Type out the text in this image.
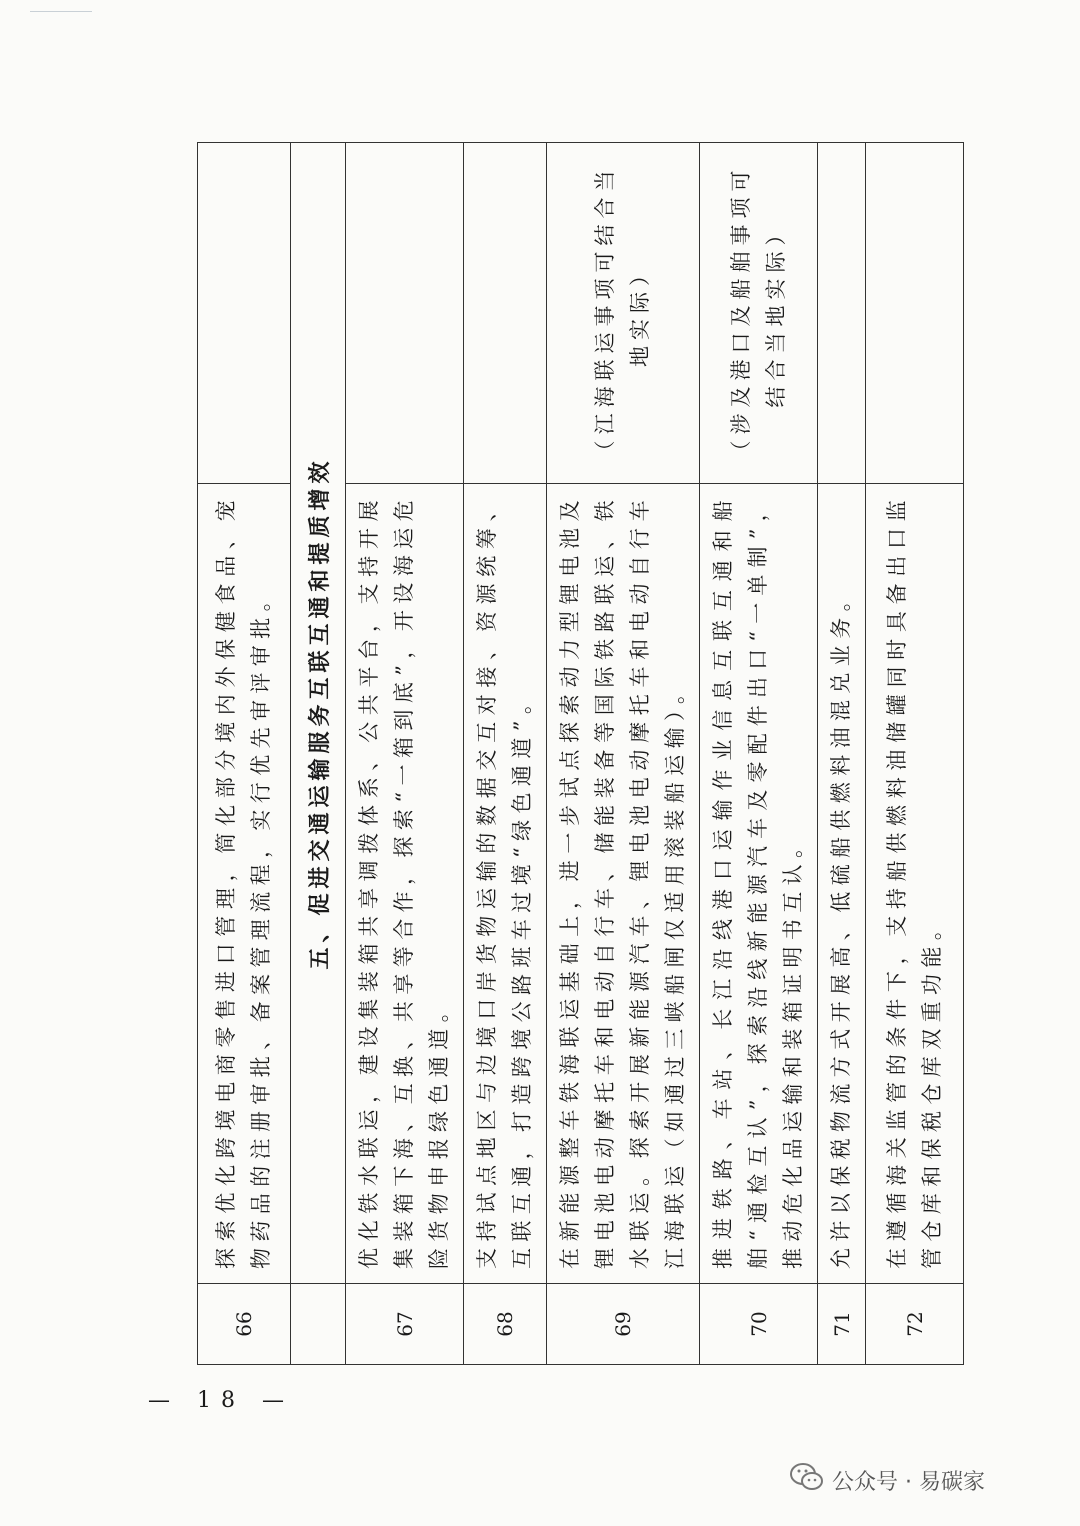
66	探索优化跨境电商零售进口管理，简化部分境内外保健食品、宠物药品的注册审批、备案管理流程，实行优先审评审批。	
	五、促进交通运输服务互联互通和提质增效	
67	优化铁水联运，建设集装箱共享调拨体系、公共平台，支持开展集装箱下海、互换、共享等合作，探索“一箱到底”，开设海运危险货物申报绿色通道。	
68	支持试点地区与边境口岸货物运输的数据交互对接、资源统筹、互联互通，打造跨境公路班车过境“绿色通道”。	
69	在新能源整车铁海联运基础上，进一步试点探索动力型锂电池及锂电池电动摩托车和电动自行车、储能装备等国际铁路联运、铁水联运。探索开展新能源汽车、锂电池电动摩托车和电动自行车江海联运（如通过三峡船闸仅适用滚装船运输）。	（江海联运事项可结合当地实际）
70	推进铁路、车站、长江沿线港口运输作业信息互联互通和船舶“通检互认”，探索沿线新能源汽车及零配件出口“一单制”，推动危化品运输和装箱证明书互认。	（涉及港口及船舶事项可结合当地实际）
71	允许以保税物流方式开展高、低硫船供燃料油混兑业务。	
72	在遵循海关监管的条件下，支持船供燃料油储罐同时具备出口监管仓库和保税仓库双重功能。	
— 18 —
公众号 · 易碳家
